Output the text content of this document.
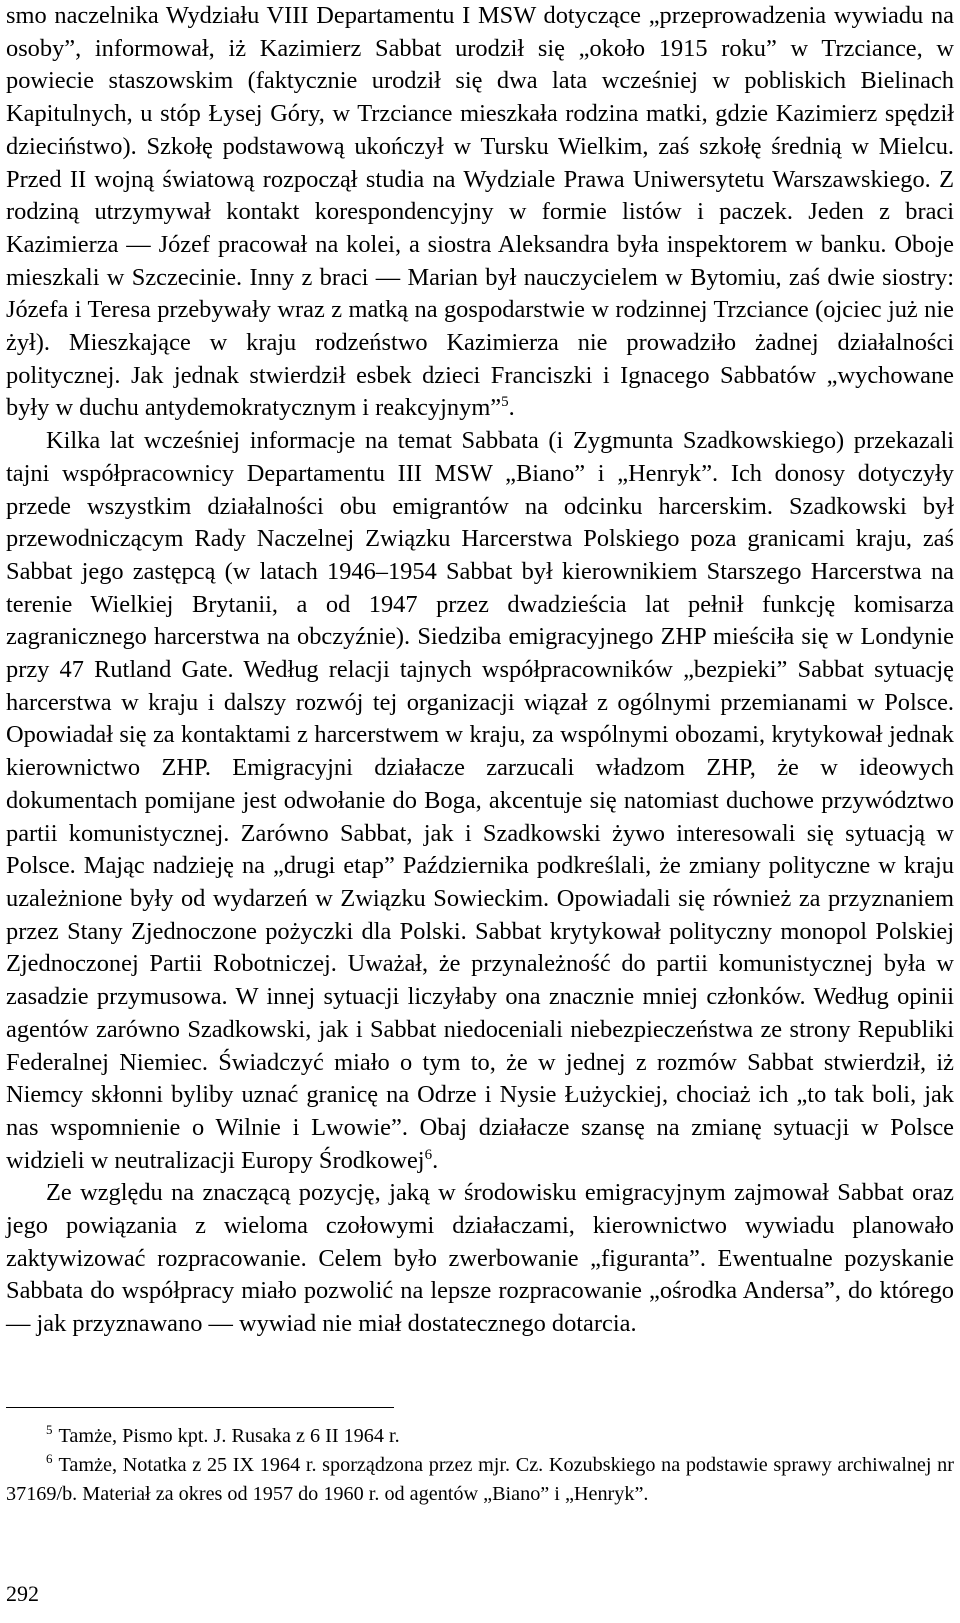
smo naczelnika Wydziału VIII Departamentu I MSW dotyczące „przeprowadzenia wywiadu na osoby”, informował, iż Kazimierz Sabbat urodził się „około 1915 roku” w Trzciance, w powiecie staszowskim (faktycznie urodził się dwa lata wcześniej w pobliskich Bielinach Kapitulnych, u stóp Łysej Góry, w Trzciance mieszkała rodzina matki, gdzie Kazimierz spędził dzieciństwo). Szkołę podstawową ukończył w Tursku Wielkim, zaś szkołę średnią w Mielcu. Przed II wojną światową rozpoczął studia na Wydziale Prawa Uniwersytetu Warszawskiego. Z rodziną utrzymywał kontakt korespondencyjny w formie listów i paczek. Jeden z braci Kazimierza — Józef pracował na kolei, a siostra Aleksandra była inspektorem w banku. Oboje mieszkali w Szczecinie. Inny z braci — Marian był nauczycielem w Bytomiu, zaś dwie siostry: Józefa i Teresa przebywały wraz z matką na gospodarstwie w rodzinnej Trzciance (ojciec już nie żył). Mieszkające w kraju rodzeństwo Kazimierza nie prowadziło żadnej działalności politycznej. Jak jednak stwierdził esbek dzieci Franciszki i Ignacego Sabbatów „wychowane były w duchu antydemokratycznym i reakcyjnym”$^5$.

Kilka lat wcześniej informacje na temat Sabbata (i Zygmunta Szadkowskiego) przekazali tajni współpracownicy Departamentu III MSW „Biano” i „Henryk”. Ich donosy dotyczyły przede wszystkim działalności obu emigrantów na odcinku harcerskim. Szadkowski był przewodniczącym Rady Naczelnej Związku Harcerstwa Polskiego poza granicami kraju, zaś Sabbat jego zastępcą (w latach 1946–1954 Sabbat był kierownikiem Starszego Harcerstwa na terenie Wielkiej Brytanii, a od 1947 przez dwadzieścia lat pełnił funkcję komisarza zagranicznego harcerstwa na obczyźnie). Siedziba emigracyjnego ZHP mieściła się w Londynie przy 47 Rutland Gate. Według relacji tajnych współpracowników „bezpieki” Sabbat sytuację harcerstwa w kraju i dalszy rozwój tej organizacji wiązał z ogólnymi przemianami w Polsce. Opowiadał się za kontaktami z harcerstwem w kraju, za wspólnymi obozami, krytykował jednak kierownictwo ZHP. Emigracyjni działacze zarzucali władzom ZHP, że w ideowych dokumentach pomijane jest odwołanie do Boga, akcentuje się natomiast duchowe przywództwo partii komunistycznej. Zarówno Sabbat, jak i Szadkowski żywo interesowali się sytuacją w Polsce. Mając nadzieję na „drugi etap” Października podkreślali, że zmiany polityczne w kraju uzależnione były od wydarzeń w Związku Sowieckim. Opowiadali się również za przyznaniem przez Stany Zjednoczone pożyczki dla Polski. Sabbat krytykował polityczny monopol Polskiej Zjednoczonej Partii Robotniczej. Uważał, że przynależność do partii komunistycznej była w zasadzie przymusowa. W innej sytuacji liczyłaby ona znacznie mniej członków. Według opinii agentów zarówno Szadkowski, jak i Sabbat niedoceniali niebezpieczeństwa ze strony Republiki Federalnej Niemiec. Świadczyć miało o tym to, że w jednej z rozmów Sabbat stwierdził, iż Niemcy skłonni byliby uznać granicę na Odrze i Nysie Łużyckiej, chociaż ich „to tak boli, jak nas wspomnienie o Wilnie i Lwowie”. Obaj działacze szansę na zmianę sytuacji w Polsce widzieli w neutralizacji Europy Środkowej$^6$.

Ze względu na znaczącą pozycję, jaką w środowisku emigracyjnym zajmował Sabbat oraz jego powiązania z wieloma czołowymi działaczami, kierownictwo wywiadu planowało zaktywizować rozpracowanie. Celem było zwerbowanie „figuranta”. Ewentualne pozyskanie Sabbata do współpracy miało pozwolić na lepsze rozpracowanie „ośrodka Andersa”, do którego — jak przyznawano — wywiad nie miał dostatecznego dotarcia.

$^5$ Tamże, Pismo kpt. J. Rusaka z 6 II 1964 r.

$^6$ Tamże, Notatka z 25 IX 1964 r. sporządzona przez mjr. Cz. Kozubskiego na podstawie sprawy archiwalnej nr 37169/b. Materiał za okres od 1957 do 1960 r. od agentów „Biano” i „Henryk”.

292
